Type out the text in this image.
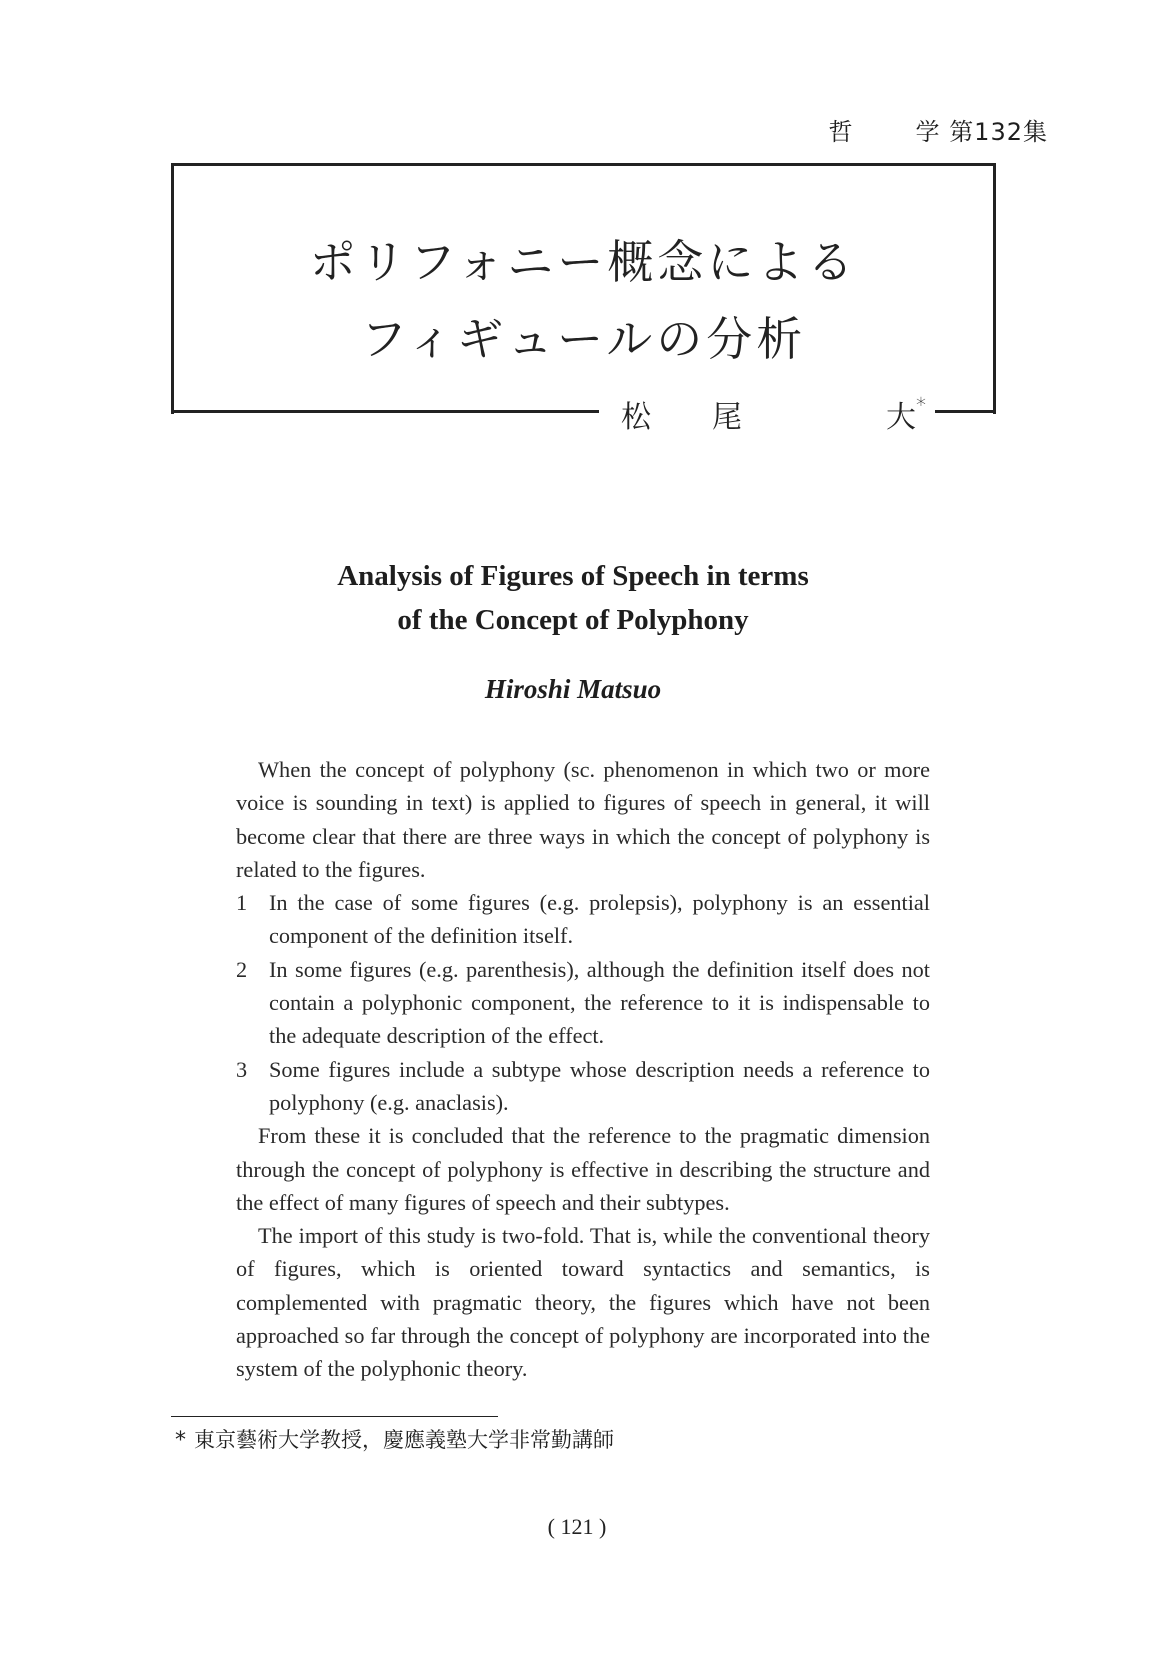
哲	学 第132集
ポリフォニー概念による
フィギュールの分析
松 尾	大*
Analysis of Figures of Speech in terms
of the Concept of Polyphony
Hiroshi Matsuo

When the concept of polyphony (sc. phenomenon in which two or more voice is sounding in text) is applied to figures of speech in general, it will become clear that there are three ways in which the concept of polyphony is related to the figures.

1 In the case of some figures (e.g. prolepsis), polyphony is an essential component of the definition itself.
2 In some figures (e.g. parenthesis), although the definition itself does not contain a polyphonic component, the reference to it is indispensable to the adequate description of the effect.
3 Some figures include a subtype whose description needs a reference to polyphony (e.g. anaclasis).

From these it is concluded that the reference to the pragmatic dimension through the concept of polyphony is effective in describing the structure and the effect of many figures of speech and their subtypes.

The import of this study is two-fold. That is, while the conventional theory of figures, which is oriented toward syntactics and semantics, is complemented with pragmatic theory, the figures which have not been approached so far through the concept of polyphony are incorporated into the system of the polyphonic theory.

* 東京藝術大学教授，慶應義塾大学非常勤講師
( 121 )
